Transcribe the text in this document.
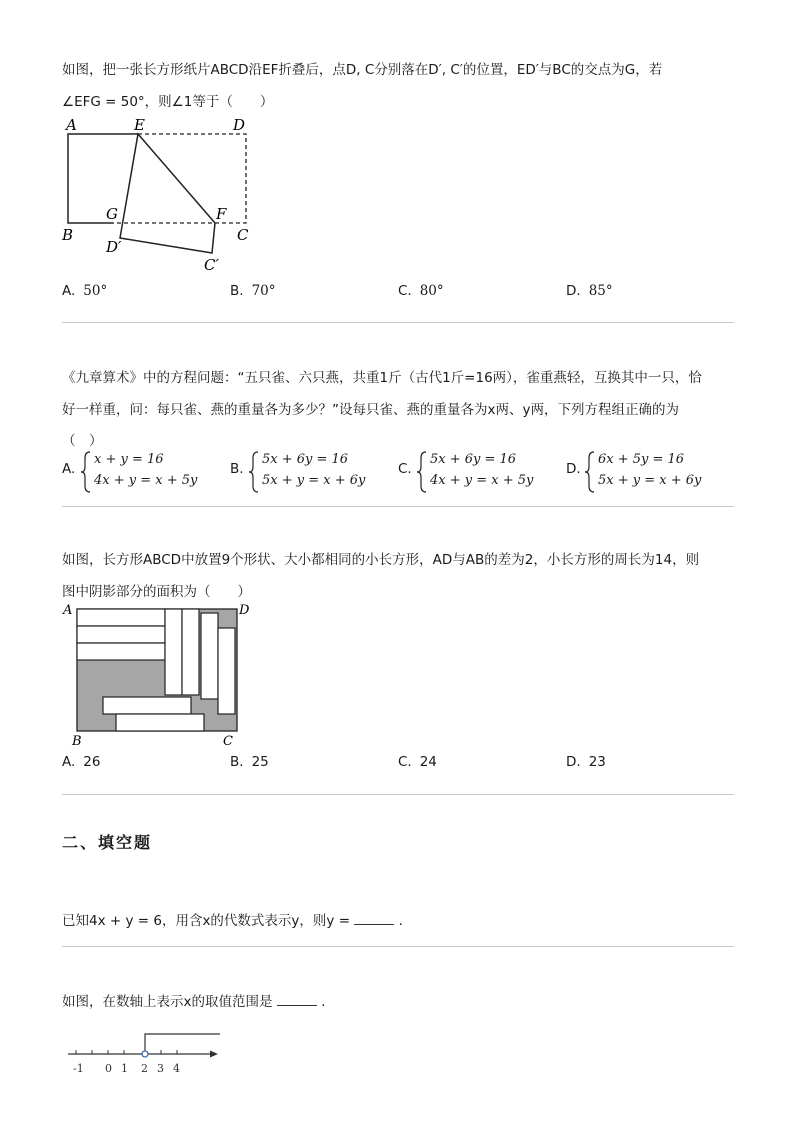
如图，把一张长方形纸片ABCD沿EF折叠后，点D, C分别落在D′, C′的位置，ED′与BC的交点为G，若
∠EFG = 50°，则∠1等于（　　）
A	E	D
G	F
B	C
D′
C′
A. 50°	B. 70°	C. 80°	D. 85°
《九章算术》中的方程问题：“五只雀、六只燕，共重1斤（古代1斤=16两），雀重燕轻，互换其中一只，恰
好一样重，问：每只雀、燕的重量各为多少？”设每只雀、燕的重量各为x两、y两，下列方程组正确的为
（　）
A.
x + y = 16
4x + y = x + 5y
B.
5x + 6y = 16
5x + y = x + 6y
C.
5x + 6y = 16
4x + y = x + 5y
D.
6x + 5y = 16
5x + y = x + 6y
如图，长方形ABCD中放置9个形状、大小都相同的小长方形，AD与AB的差为2，小长方形的周长为14，则
图中阴影部分的面积为（　　）
A	D
B	C
A. 26	B. 25	C. 24	D. 23
二、填空题
已知4x + y = 6，用含x的代数式表示y，则y =	.
如图，在数轴上表示x的取值范围是	.
-1 0 1 2 3 4
